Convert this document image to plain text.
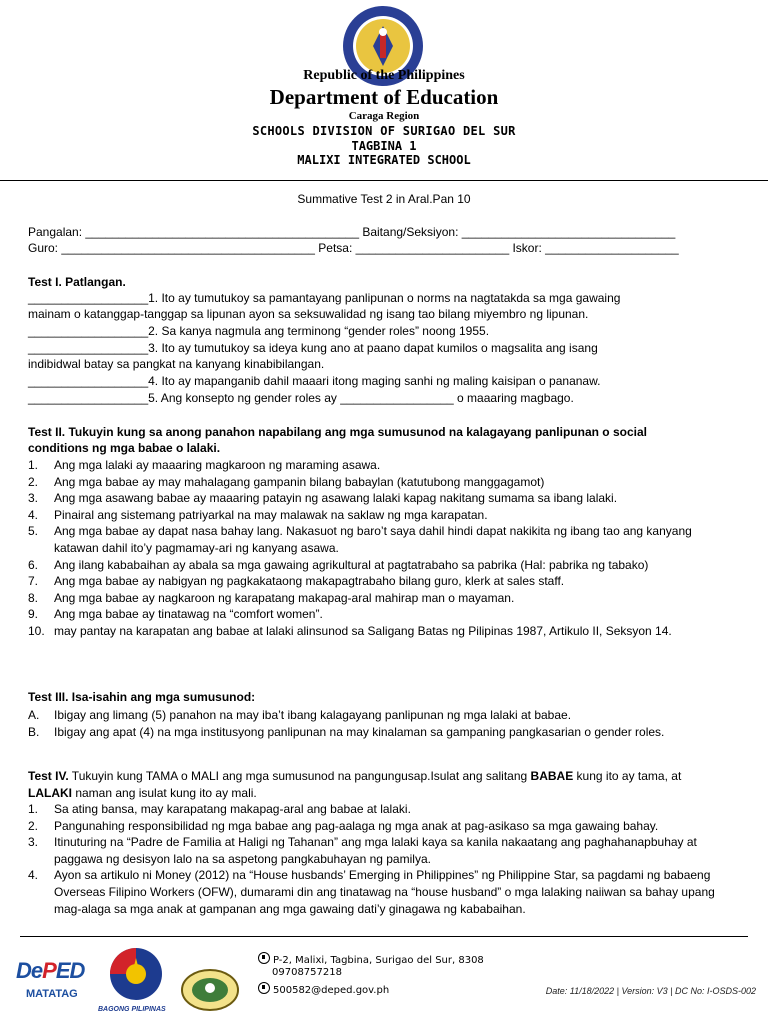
Republic of the Philippines
Department of Education
Caraga Region
SCHOOLS DIVISION OF SURIGAO DEL SUR
TAGBINA 1
MALIXI INTEGRATED SCHOOL
Summative Test 2 in Aral.Pan 10
Pangalan: _________________________________________ Baitang/Seksiyon: ________________________________
Guro: ______________________________________ Petsa: _______________________ Iskor: ____________________
Test I. Patlangan.
__________________1. Ito ay tumutukoy sa pamantayang panlipunan o norms na nagtatakda sa mga gawaing
mainam o katanggap-tanggap sa lipunan ayon sa seksuwalidad ng isang tao bilang miyembro ng lipunan.
__________________2. Sa kanya nagmula ang terminong “gender roles” noong 1955.
__________________3. Ito ay tumutukoy sa ideya kung ano at paano dapat kumilos o magsalita ang isang
indibidwal batay sa pangkat na kanyang kinabibilangan.
__________________4. Ito ay mapanganib dahil maaari itong maging sanhi ng maling kaisipan o pananaw.
__________________5. Ang konsepto ng gender roles ay _________________ o maaaring magbago.
Test II. Tukuyin kung sa anong panahon napabilang ang mga sumusunod na kalagayang panlipunan o social
conditions ng mga babae o lalaki.
1. Ang mga lalaki ay maaaring magkaroon ng maraming asawa.
2. Ang mga babae ay may mahalagang gampanin bilang babaylan (katutubong manggagamot)
3. Ang mga asawang babae ay maaaring patayin ng asawang lalaki kapag nakitang sumama sa ibang lalaki.
4. Pinairal ang sistemang patriyarkal na may malawak na saklaw ng mga karapatan.
5. Ang mga babae ay dapat nasa bahay lang. Nakasuot ng baro’t saya dahil hindi dapat nakikita ng ibang tao ang kanyang katawan dahil ito’y pagmamay-ari ng kanyang asawa.
6. Ang ilang kababaihan ay abala sa mga gawaing agrikultural at pagtatrabaho sa pabrika (Hal: pabrika ng tabako)
7. Ang mga babae ay nabigyan ng pagkakataong makapagtrabaho bilang guro, klerk at sales staff.
8. Ang mga babae ay nagkaroon ng karapatang makapag-aral mahirap man o mayaman.
9. Ang mga babae ay tinatawag na “comfort women”.
10. may pantay na karapatan ang babae at lalaki alinsunod sa Saligang Batas ng Pilipinas 1987, Artikulo II, Seksyon 14.
Test III. Isa-isahin ang mga sumusunod:
A. Ibigay ang limang (5) panahon na may iba’t ibang kalagayang panlipunan ng mga lalaki at babae.
B. Ibigay ang apat (4) na mga institusyong panlipunan na may kinalaman sa gampaning pangkasarian o gender roles.
Test IV. Tukuyin kung TAMA o MALI ang mga sumusunod na pangungusap.Isulat ang salitang BABAE kung ito ay tama, at
LALAKI naman ang isulat kung ito ay mali.
1. Sa ating bansa, may karapatang makapag-aral ang babae at lalaki.
2. Pangunahing responsibilidad ng mga babae ang pag-aalaga ng mga anak at pag-asikaso sa mga gawaing bahay.
3. Itinuturing na “Padre de Familia at Haligi ng Tahanan” ang mga lalaki kaya sa kanila nakaatang ang paghahanapbuhay at paggawa ng desisyon lalo na sa aspetong pangkabuhayan ng pamilya.
4. Ayon sa artikulo ni Money (2012) na “House husbands’ Emerging in Philippines” ng Philippine Star, sa pagdami ng babaeng Overseas Filipino Workers (OFW), dumarami din ang tinatawag na “house husband” o mga lalaking naiiwan sa bahay upang mag-alaga sa mga anak at gampanan ang mga gawaing dati’y ginagawa ng kababaihan.
DePED
MATATAG
BAGONG PILIPINAS
P-2, Malixi, Tagbina, Surigao del Sur, 8308
09708757218
500582@deped.gov.ph	Date: 11/18/2022 | Version: V3 | DC No: I-OSDS-002
